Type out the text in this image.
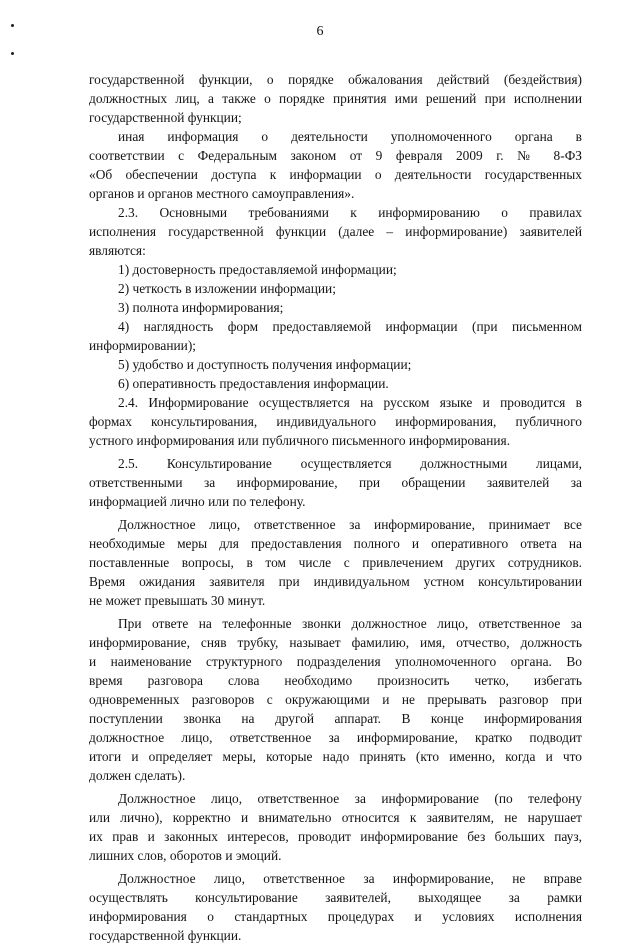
6

государственной функции, о порядке обжалования действий (бездействия)

должностных лиц, а также о порядке принятия ими решений при исполнении

государственной функции;

иная информация о деятельности уполномоченного органа в

соответствии с Федеральным законом от 9 февраля 2009 г. № 8-ФЗ

«Об обеспечении доступа к информации о деятельности государственных

органов и органов местного самоуправления».

2.3. Основными требованиями к информированию о правилах

исполнения государственной функции (далее – информирование) заявителей

являются:

1) достоверность предоставляемой информации;

2) четкость в изложении информации;

3) полнота информирования;

4) наглядность форм предоставляемой информации (при письменном

информировании);

5) удобство и доступность получения информации;

6) оперативность предоставления информации.

2.4. Информирование осуществляется на русском языке и проводится в

формах консультирования, индивидуального информирования, публичного

устного информирования или публичного письменного информирования.

2.5. Консультирование осуществляется должностными лицами,

ответственными за информирование, при обращении заявителей за

информацией лично или по телефону.

Должностное лицо, ответственное за информирование, принимает все

необходимые меры для предоставления полного и оперативного ответа на

поставленные вопросы, в том числе с привлечением других сотрудников.

Время ожидания заявителя при индивидуальном устном консультировании

не может превышать 30 минут.

При ответе на телефонные звонки должностное лицо, ответственное за

информирование, сняв трубку, называет фамилию, имя, отчество, должность

и наименование структурного подразделения уполномоченного органа. Во

время разговора слова необходимо произносить четко, избегать

одновременных разговоров с окружающими и не прерывать разговор при

поступлении звонка на другой аппарат. В конце информирования

должностное лицо, ответственное за информирование, кратко подводит

итоги и определяет меры, которые надо принять (кто именно, когда и что

должен сделать).

Должностное лицо, ответственное за информирование (по телефону

или лично), корректно и внимательно относится к заявителям, не нарушает

их прав и законных интересов, проводит информирование без больших пауз,

лишних слов, оборотов и эмоций.

Должностное лицо, ответственное за информирование, не вправе

осуществлять консультирование заявителей, выходящее за рамки

информирования о стандартных процедурах и условиях исполнения

государственной функции.
